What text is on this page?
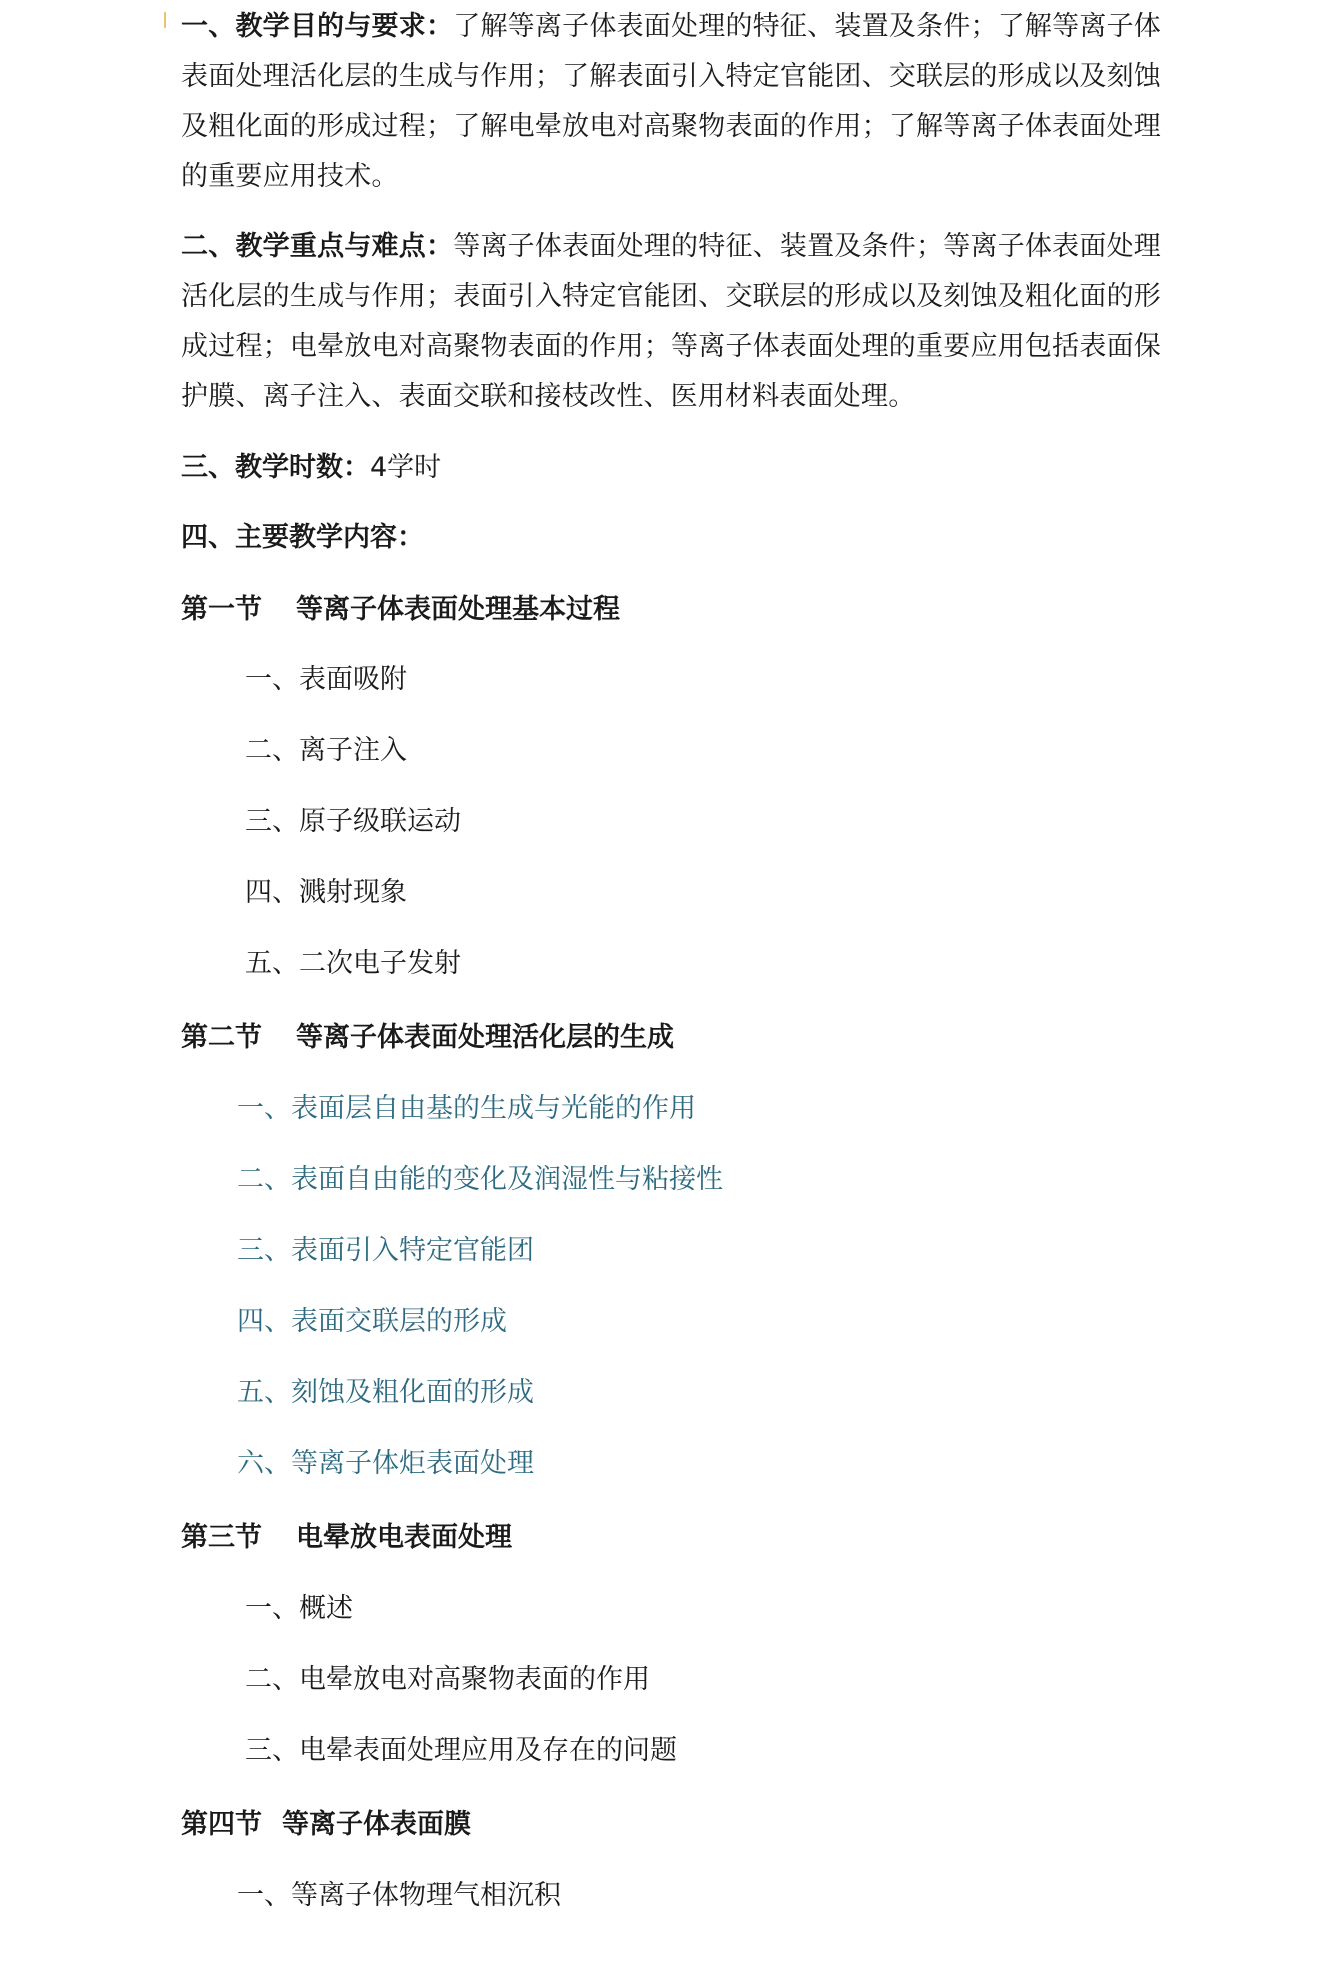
一、教学目的与要求：了解等离子体表面处理的特征、装置及条件；了解等离子体表面处理活化层的生成与作用；了解表面引入特定官能团、交联层的形成以及刻蚀及粗化面的形成过程；了解电晕放电对高聚物表面的作用；了解等离子体表面处理的重要应用技术。

二、教学重点与难点：等离子体表面处理的特征、装置及条件；等离子体表面处理活化层的生成与作用；表面引入特定官能团、交联层的形成以及刻蚀及粗化面的形成过程；电晕放电对高聚物表面的作用；等离子体表面处理的重要应用包括表面保护膜、离子注入、表面交联和接枝改性、医用材料表面处理。

三、教学时数：4学时

四、主要教学内容：

第一节 等离子体表面处理基本过程

一、表面吸附

二、离子注入

三、原子级联运动

四、溅射现象

五、二次电子发射

第二节 等离子体表面处理活化层的生成

一、表面层自由基的生成与光能的作用

二、表面自由能的变化及润湿性与粘接性

三、表面引入特定官能团

四、表面交联层的形成

五、刻蚀及粗化面的形成

六、等离子体炬表面处理

第三节 电晕放电表面处理

一、概述

二、电晕放电对高聚物表面的作用

三、电晕表面处理应用及存在的问题

第四节 等离子体表面膜

一、等离子体物理气相沉积
